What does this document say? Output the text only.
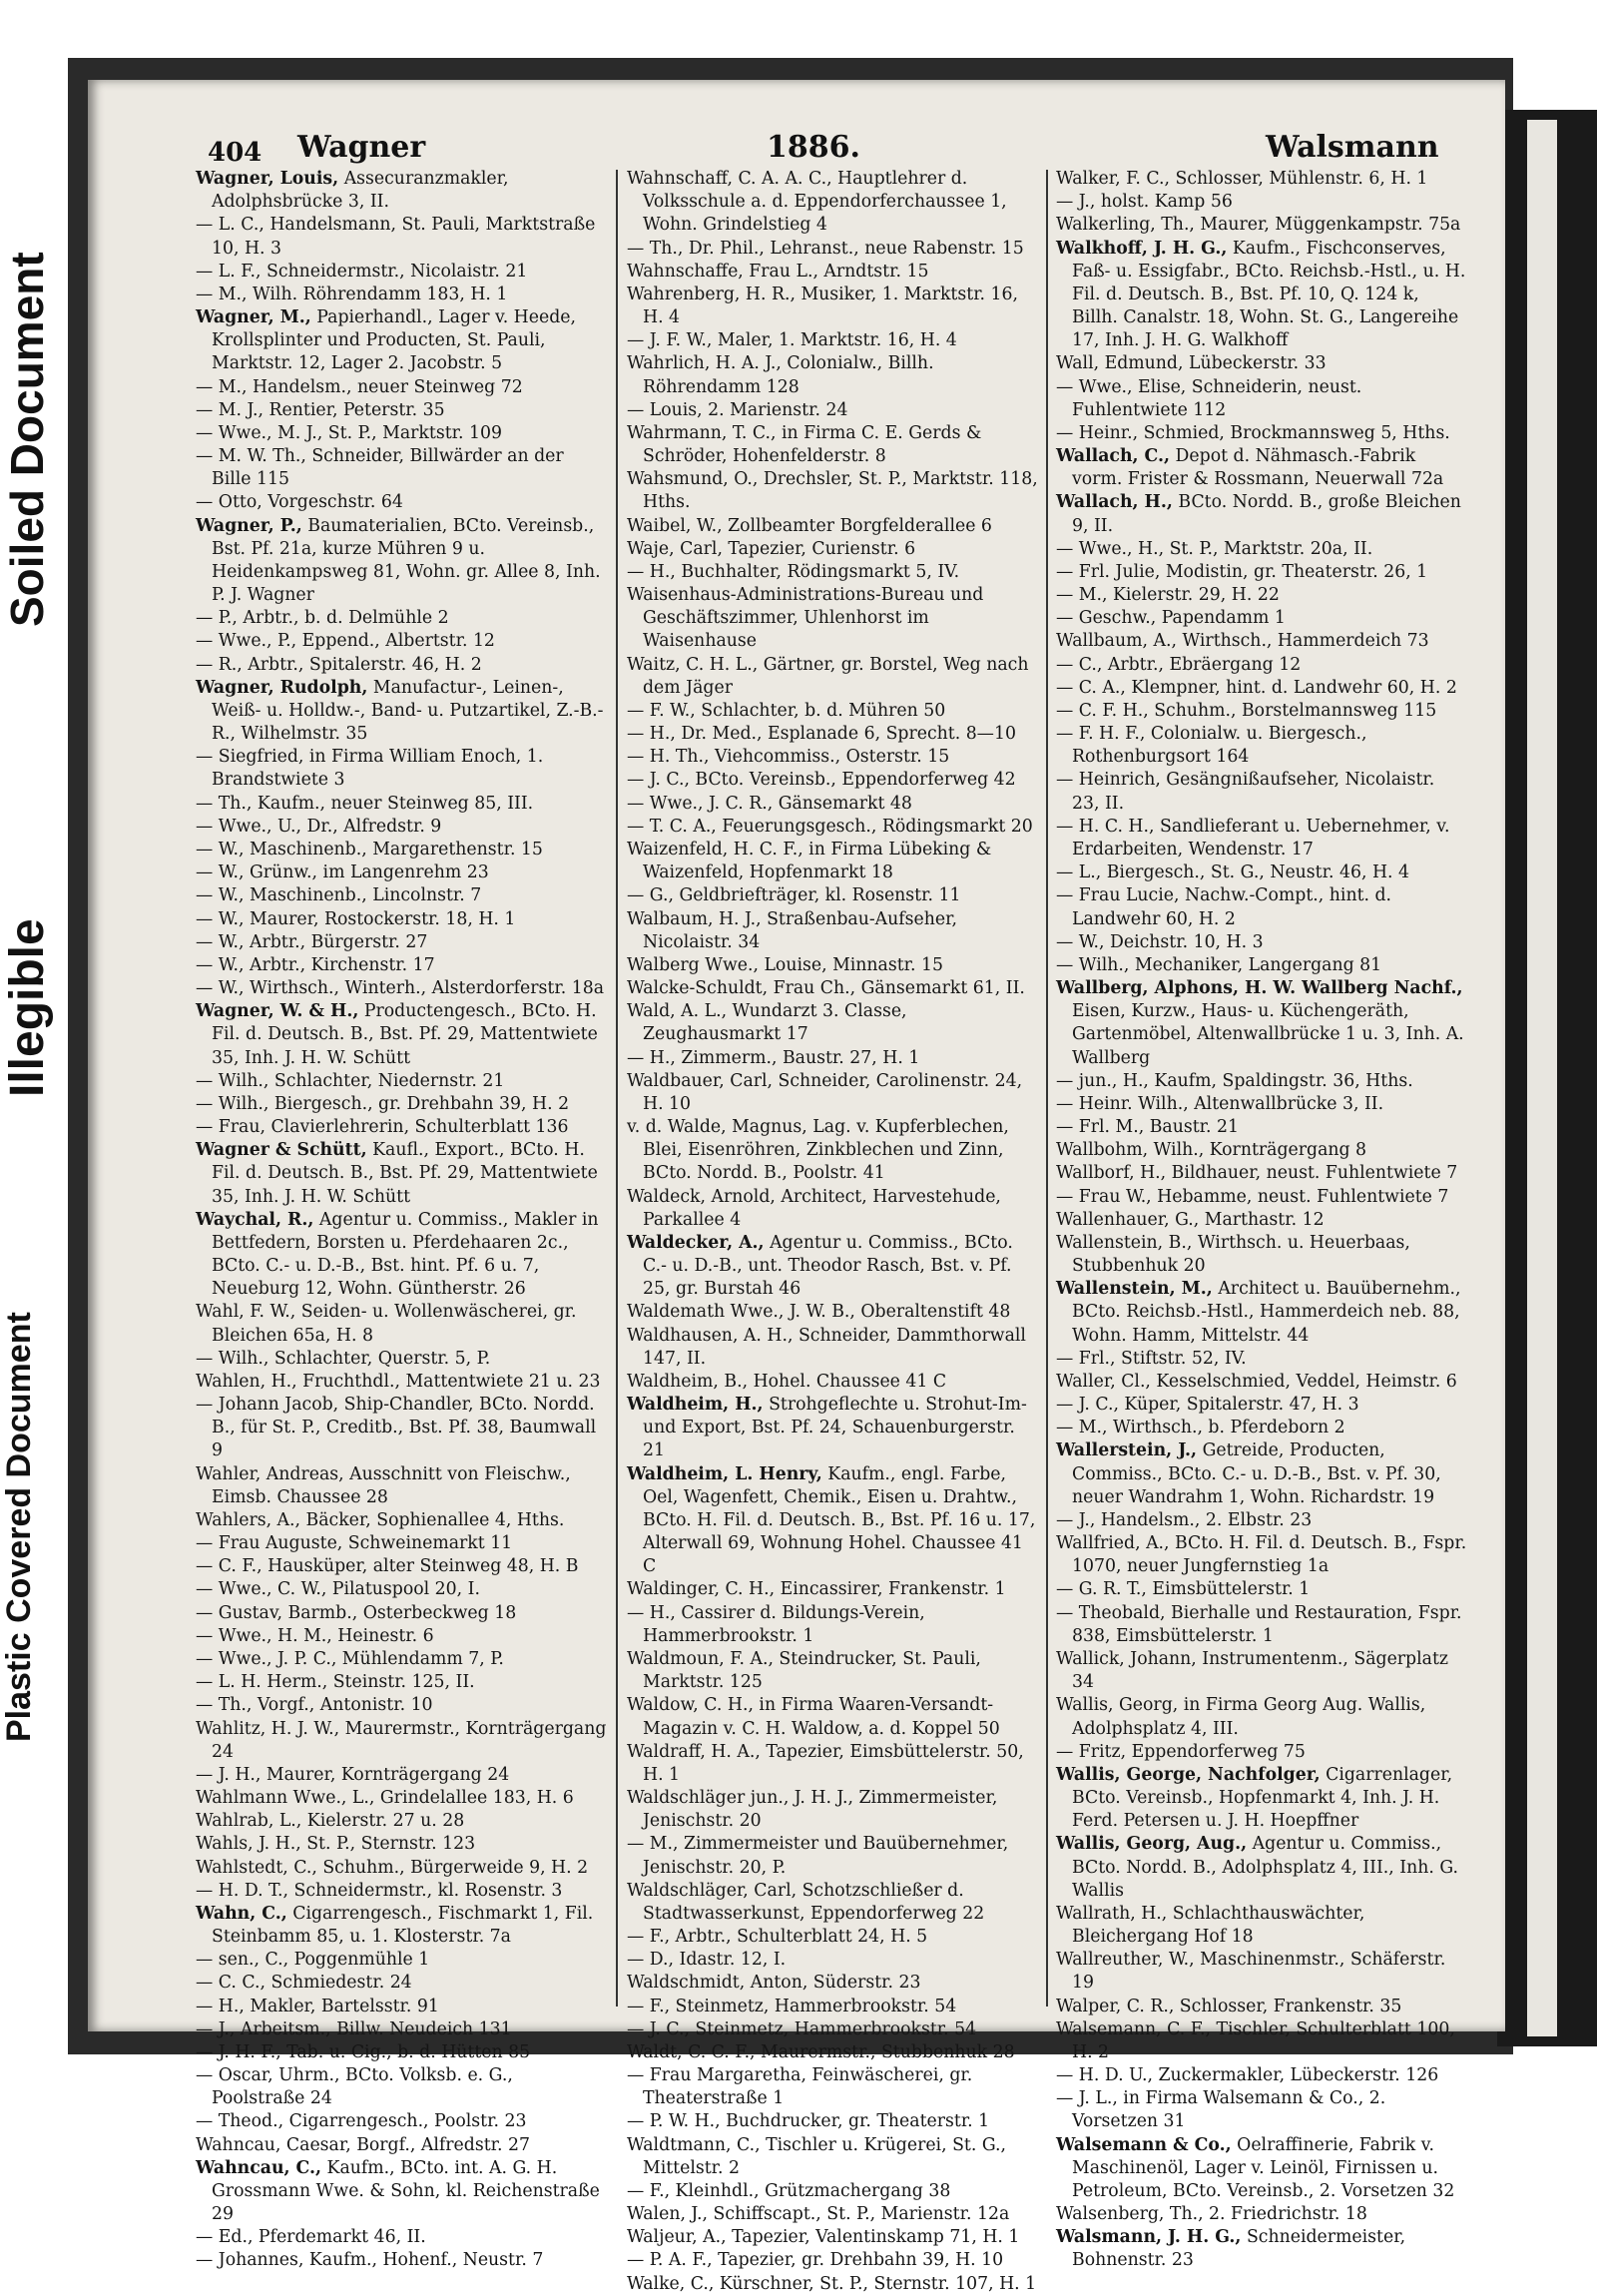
Soiled Document
Illegible
Plastic Covered Document
404 Wagner	1886.	Walsmann

Wagner, Louis, Assecuranzmakler, Adolphsbrücke 3, II.

— L. C., Handelsmann, St. Pauli, Marktstraße 10, H. 3

— L. F., Schneidermstr., Nicolaistr. 21

— M., Wilh. Röhrendamm 183, H. 1

Wagner, M., Papierhandl., Lager v. Heede, Krollsplinter und Producten, St. Pauli, Marktstr. 12, Lager 2. Jacobstr. 5

— M., Handelsm., neuer Steinweg 72

— M. J., Rentier, Peterstr. 35

— Wwe., M. J., St. P., Marktstr. 109

— M. W. Th., Schneider, Billwärder an der Bille 115

— Otto, Vorgeschstr. 64

Wagner, P., Baumaterialien, BCto. Vereinsb., Bst. Pf. 21a, kurze Mühren 9 u. Heidenkampsweg 81, Wohn. gr. Allee 8, Inh. P. J. Wagner

— P., Arbtr., b. d. Delmühle 2

— Wwe., P., Eppend., Albertstr. 12

— R., Arbtr., Spitalerstr. 46, H. 2

Wagner, Rudolph, Manufactur-, Leinen-, Weiß- u. Holldw.-, Band- u. Putzartikel, Z.-B.-R., Wilhelmstr. 35

— Siegfried, in Firma William Enoch, 1. Brandstwiete 3

— Th., Kaufm., neuer Steinweg 85, III.

— Wwe., U., Dr., Alfredstr. 9

— W., Maschinenb., Margarethenstr. 15

— W., Grünw., im Langenrehm 23

— W., Maschinenb., Lincolnstr. 7

— W., Maurer, Rostockerstr. 18, H. 1

— W., Arbtr., Bürgerstr. 27

— W., Arbtr., Kirchenstr. 17

— W., Wirthsch., Winterh., Alsterdorferstr. 18a

Wagner, W. & H., Productengesch., BCto. H. Fil. d. Deutsch. B., Bst. Pf. 29, Mattentwiete 35, Inh. J. H. W. Schütt

— Wilh., Schlachter, Niedernstr. 21

— Wilh., Biergesch., gr. Drehbahn 39, H. 2

— Frau, Clavierlehrerin, Schulterblatt 136

Wagner & Schütt, Kaufl., Export., BCto. H. Fil. d. Deutsch. B., Bst. Pf. 29, Mattentwiete 35, Inh. J. H. W. Schütt

Waychal, R., Agentur u. Commiss., Makler in Bettfedern, Borsten u. Pferdehaaren 2c., BCto. C.- u. D.-B., Bst. hint. Pf. 6 u. 7, Neueburg 12, Wohn. Güntherstr. 26

Wahl, F. W., Seiden- u. Wollenwäscherei, gr. Bleichen 65a, H. 8

— Wilh., Schlachter, Querstr. 5, P.

Wahlen, H., Fruchthdl., Mattentwiete 21 u. 23

— Johann Jacob, Ship-Chandler, BCto. Nordd. B., für St. P., Creditb., Bst. Pf. 38, Baumwall 9

Wahler, Andreas, Ausschnitt von Fleischw., Eimsb. Chaussee 28

Wahlers, A., Bäcker, Sophienallee 4, Hths.

— Frau Auguste, Schweinemarkt 11

— C. F., Hausküper, alter Steinweg 48, H. B

— Wwe., C. W., Pilatuspool 20, I.

— Gustav, Barmb., Osterbeckweg 18

— Wwe., H. M., Heinestr. 6

— Wwe., J. P. C., Mühlendamm 7, P.

— L. H. Herm., Steinstr. 125, II.

— Th., Vorgf., Antonistr. 10

Wahlitz, H. J. W., Maurermstr., Kornträgergang 24

— J. H., Maurer, Kornträgergang 24

Wahlmann Wwe., L., Grindelallee 183, H. 6

Wahlrab, L., Kielerstr. 27 u. 28

Wahls, J. H., St. P., Sternstr. 123

Wahlstedt, C., Schuhm., Bürgerweide 9, H. 2

— H. D. T., Schneidermstr., kl. Rosenstr. 3

Wahn, C., Cigarrengesch., Fischmarkt 1, Fil. Steinbamm 85, u. 1. Klosterstr. 7a

— sen., C., Poggenmühle 1

— C. C., Schmiedestr. 24

— H., Makler, Bartelsstr. 91

— J., Arbeitsm., Billw. Neudeich 131

— J. H. F., Tab. u. Cig., b. d. Hütten 85

— Oscar, Uhrm., BCto. Volksb. e. G., Poolstraße 24

— Theod., Cigarrengesch., Poolstr. 23

Wahncau, Caesar, Borgf., Alfredstr. 27

Wahncau, C., Kaufm., BCto. int. A. G. H. Grossmann Wwe. & Sohn, kl. Reichenstraße 29

— Ed., Pferdemarkt 46, II.

— Johannes, Kaufm., Hohenf., Neustr. 7

Wahnschaff, C. A. A. C., Hauptlehrer d. Volksschule a. d. Eppendorferchaussee 1, Wohn. Grindelstieg 4

— Th., Dr. Phil., Lehranst., neue Rabenstr. 15

Wahnschaffe, Frau L., Arndtstr. 15

Wahrenberg, H. R., Musiker, 1. Marktstr. 16, H. 4

— J. F. W., Maler, 1. Marktstr. 16, H. 4

Wahrlich, H. A. J., Colonialw., Billh. Röhrendamm 128

— Louis, 2. Marienstr. 24

Wahrmann, T. C., in Firma C. E. Gerds & Schröder, Hohenfelderstr. 8

Wahsmund, O., Drechsler, St. P., Marktstr. 118, Hths.

Waibel, W., Zollbeamter Borgfelderallee 6

Waje, Carl, Tapezier, Curienstr. 6

— H., Buchhalter, Rödingsmarkt 5, IV.

Waisenhaus-Administrations-Bureau und Geschäftszimmer, Uhlenhorst im Waisenhause

Waitz, C. H. L., Gärtner, gr. Borstel, Weg nach dem Jäger

— F. W., Schlachter, b. d. Mühren 50

— H., Dr. Med., Esplanade 6, Sprecht. 8—10

— H. Th., Viehcommiss., Osterstr. 15

— J. C., BCto. Vereinsb., Eppendorferweg 42

— Wwe., J. C. R., Gänsemarkt 48

— T. C. A., Feuerungsgesch., Rödingsmarkt 20

Waizenfeld, H. C. F., in Firma Lübeking & Waizenfeld, Hopfenmarkt 18

— G., Geldbriefträger, kl. Rosenstr. 11

Walbaum, H. J., Straßenbau-Aufseher, Nicolaistr. 34

Walberg Wwe., Louise, Minnastr. 15

Walcke-Schuldt, Frau Ch., Gänsemarkt 61, II.

Wald, A. L., Wundarzt 3. Classe, Zeughausmarkt 17

— H., Zimmerm., Baustr. 27, H. 1

Waldbauer, Carl, Schneider, Carolinenstr. 24, H. 10

v. d. Walde, Magnus, Lag. v. Kupferblechen, Blei, Eisenröhren, Zinkblechen und Zinn, BCto. Nordd. B., Poolstr. 41

Waldeck, Arnold, Architect, Harvestehude, Parkallee 4

Waldecker, A., Agentur u. Commiss., BCto. C.- u. D.-B., unt. Theodor Rasch, Bst. v. Pf. 25, gr. Burstah 46

Waldemath Wwe., J. W. B., Oberaltenstift 48

Waldhausen, A. H., Schneider, Dammthorwall 147, II.

Waldheim, B., Hohel. Chaussee 41 C

Waldheim, H., Strohgeflechte u. Strohut-Im- und Export, Bst. Pf. 24, Schauenburgerstr. 21

Waldheim, L. Henry, Kaufm., engl. Farbe, Oel, Wagenfett, Chemik., Eisen u. Drahtw., BCto. H. Fil. d. Deutsch. B., Bst. Pf. 16 u. 17, Alterwall 69, Wohnung Hohel. Chaussee 41 C

Waldinger, C. H., Eincassirer, Frankenstr. 1

— H., Cassirer d. Bildungs-Verein, Hammerbrookstr. 1

Waldmoun, F. A., Steindrucker, St. Pauli, Marktstr. 125

Waldow, C. H., in Firma Waaren-Versandt-Magazin v. C. H. Waldow, a. d. Koppel 50

Waldraff, H. A., Tapezier, Eimsbüttelerstr. 50, H. 1

Waldschläger jun., J. H. J., Zimmermeister, Jenischstr. 20

— M., Zimmermeister und Bauübernehmer, Jenischstr. 20, P.

Waldschläger, Carl, Schotzschließer d. Stadtwasserkunst, Eppendorferweg 22

— F., Arbtr., Schulterblatt 24, H. 5

— D., Idastr. 12, I.

Waldschmidt, Anton, Süderstr. 23

— F., Steinmetz, Hammerbrookstr. 54

— J. C., Steinmetz, Hammerbrookstr. 54

Waldt, C. C. F., Maurermstr., Stubbenhuk 28

— Frau Margaretha, Feinwäscherei, gr. Theaterstraße 1

— P. W. H., Buchdrucker, gr. Theaterstr. 1

Waldtmann, C., Tischler u. Krügerei, St. G., Mittelstr. 2

— F., Kleinhdl., Grützmachergang 38

Walen, J., Schiffscapt., St. P., Marienstr. 12a

Waljeur, A., Tapezier, Valentinskamp 71, H. 1

— P. A. F., Tapezier, gr. Drehbahn 39, H. 10

Walke, C., Kürschner, St. P., Sternstr. 107, H. 1

Walker, F. C., Schlosser, Mühlenstr. 6, H. 1

— J., holst. Kamp 56

Walkerling, Th., Maurer, Müggenkampstr. 75a

Walkhoff, J. H. G., Kaufm., Fischconserves, Faß- u. Essigfabr., BCto. Reichsb.-Hstl., u. H. Fil. d. Deutsch. B., Bst. Pf. 10, Q. 124 k, Billh. Canalstr. 18, Wohn. St. G., Langereihe 17, Inh. J. H. G. Walkhoff

Wall, Edmund, Lübeckerstr. 33

— Wwe., Elise, Schneiderin, neust. Fuhlentwiete 112

— Heinr., Schmied, Brockmannsweg 5, Hths.

Wallach, C., Depot d. Nähmasch.-Fabrik vorm. Frister & Rossmann, Neuerwall 72a

Wallach, H., BCto. Nordd. B., große Bleichen 9, II.

— Wwe., H., St. P., Marktstr. 20a, II.

— Frl. Julie, Modistin, gr. Theaterstr. 26, 1

— M., Kielerstr. 29, H. 22

— Geschw., Papendamm 1

Wallbaum, A., Wirthsch., Hammerdeich 73

— C., Arbtr., Ebräergang 12

— C. A., Klempner, hint. d. Landwehr 60, H. 2

— C. F. H., Schuhm., Borstelmannsweg 115

— F. H. F., Colonialw. u. Biergesch., Rothenburgsort 164

— Heinrich, Gesängnißaufseher, Nicolaistr. 23, II.

— H. C. H., Sandlieferant u. Uebernehmer, v. Erdarbeiten, Wendenstr. 17

— L., Biergesch., St. G., Neustr. 46, H. 4

— Frau Lucie, Nachw.-Compt., hint. d. Landwehr 60, H. 2

— W., Deichstr. 10, H. 3

— Wilh., Mechaniker, Langergang 81

Wallberg, Alphons, H. W. Wallberg Nachf., Eisen, Kurzw., Haus- u. Küchengeräth, Gartenmöbel, Altenwallbrücke 1 u. 3, Inh. A. Wallberg

— jun., H., Kaufm, Spaldingstr. 36, Hths.

— Heinr. Wilh., Altenwallbrücke 3, II.

— Frl. M., Baustr. 21

Wallbohm, Wilh., Kornträgergang 8

Wallborf, H., Bildhauer, neust. Fuhlentwiete 7

— Frau W., Hebamme, neust. Fuhlentwiete 7

Wallenhauer, G., Marthastr. 12

Wallenstein, B., Wirthsch. u. Heuerbaas, Stubbenhuk 20

Wallenstein, M., Architect u. Bauübernehm., BCto. Reichsb.-Hstl., Hammerdeich neb. 88, Wohn. Hamm, Mittelstr. 44

— Frl., Stiftstr. 52, IV.

Waller, Cl., Kesselschmied, Veddel, Heimstr. 6

— J. C., Küper, Spitalerstr. 47, H. 3

— M., Wirthsch., b. Pferdeborn 2

Wallerstein, J., Getreide, Producten, Commiss., BCto. C.- u. D.-B., Bst. v. Pf. 30, neuer Wandrahm 1, Wohn. Richardstr. 19

— J., Handelsm., 2. Elbstr. 23

Wallfried, A., BCto. H. Fil. d. Deutsch. B., Fspr. 1070, neuer Jungfernstieg 1a

— G. R. T., Eimsbüttelerstr. 1

— Theobald, Bierhalle und Restauration, Fspr. 838, Eimsbüttelerstr. 1

Wallick, Johann, Instrumentenm., Sägerplatz 34

Wallis, Georg, in Firma Georg Aug. Wallis, Adolphsplatz 4, III.

— Fritz, Eppendorferweg 75

Wallis, George, Nachfolger, Cigarrenlager, BCto. Vereinsb., Hopfenmarkt 4, Inh. J. H. Ferd. Petersen u. J. H. Hoepffner

Wallis, Georg, Aug., Agentur u. Commiss., BCto. Nordd. B., Adolphsplatz 4, III., Inh. G. Wallis

Wallrath, H., Schlachthauswächter, Bleichergang Hof 18

Wallreuther, W., Maschinenmstr., Schäferstr. 19

Walper, C. R., Schlosser, Frankenstr. 35

Walsemann, C. F., Tischler, Schulterblatt 100, H. 2

— H. D. U., Zuckermakler, Lübeckerstr. 126

— J. L., in Firma Walsemann & Co., 2. Vorsetzen 31

Walsemann & Co., Oelraffinerie, Fabrik v. Maschinenöl, Lager v. Leinöl, Firnissen u. Petroleum, BCto. Vereinsb., 2. Vorsetzen 32

Walsenberg, Th., 2. Friedrichstr. 18

Walsmann, J. H. G., Schneidermeister, Bohnenstr. 23
